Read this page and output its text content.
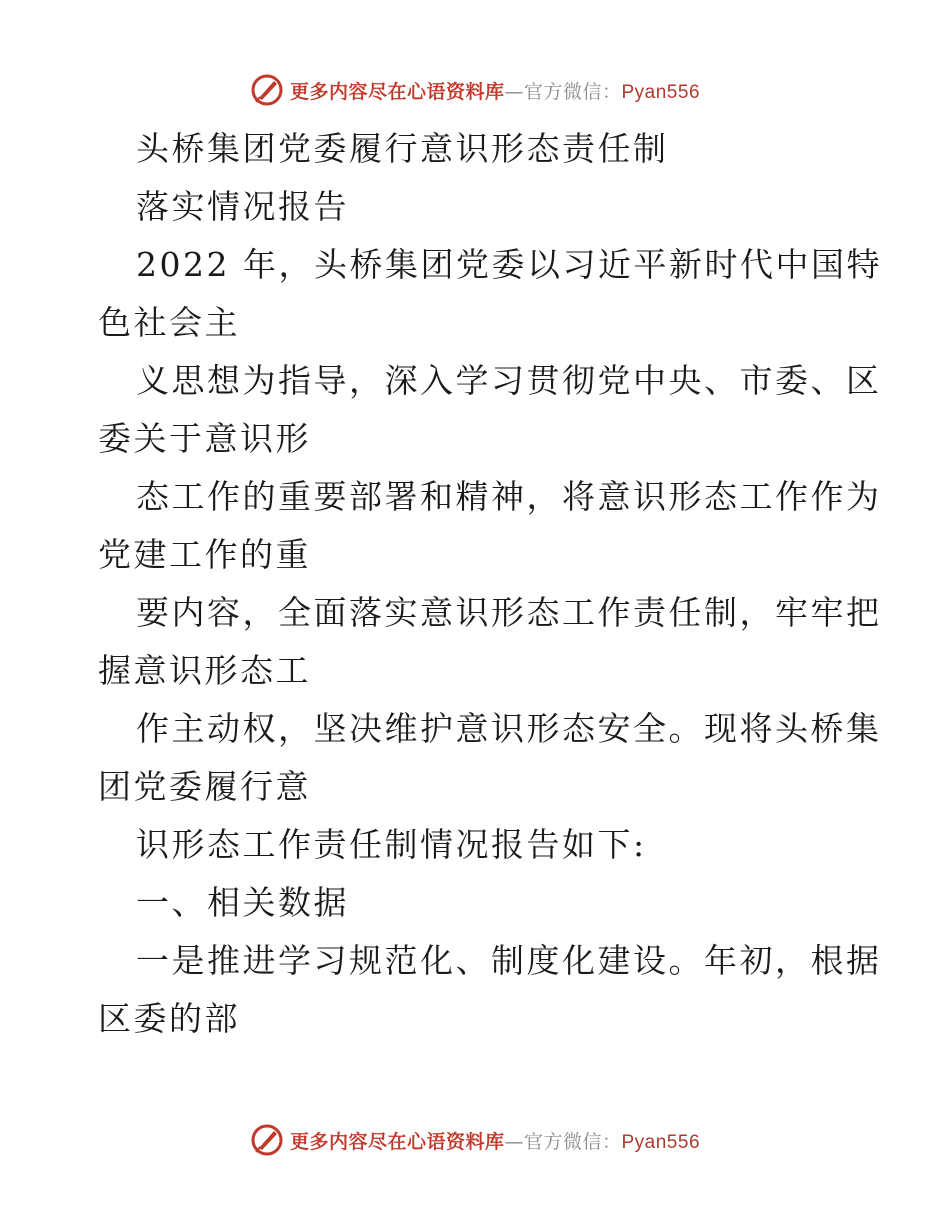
更多内容尽在心语资料库—官方微信：Pyan556
头桥集团党委履行意识形态责任制
落实情况报告
2022 年，头桥集团党委以习近平新时代中国特
色社会主
义思想为指导，深入学习贯彻党中央、市委、区
委关于意识形
态工作的重要部署和精神，将意识形态工作作为
党建工作的重
要内容，全面落实意识形态工作责任制，牢牢把
握意识形态工
作主动权，坚决维护意识形态安全。现将头桥集
团党委履行意
识形态工作责任制情况报告如下:
一、相关数据
一是推进学习规范化、制度化建设。年初，根据
区委的部
更多内容尽在心语资料库—官方微信：Pyan556
